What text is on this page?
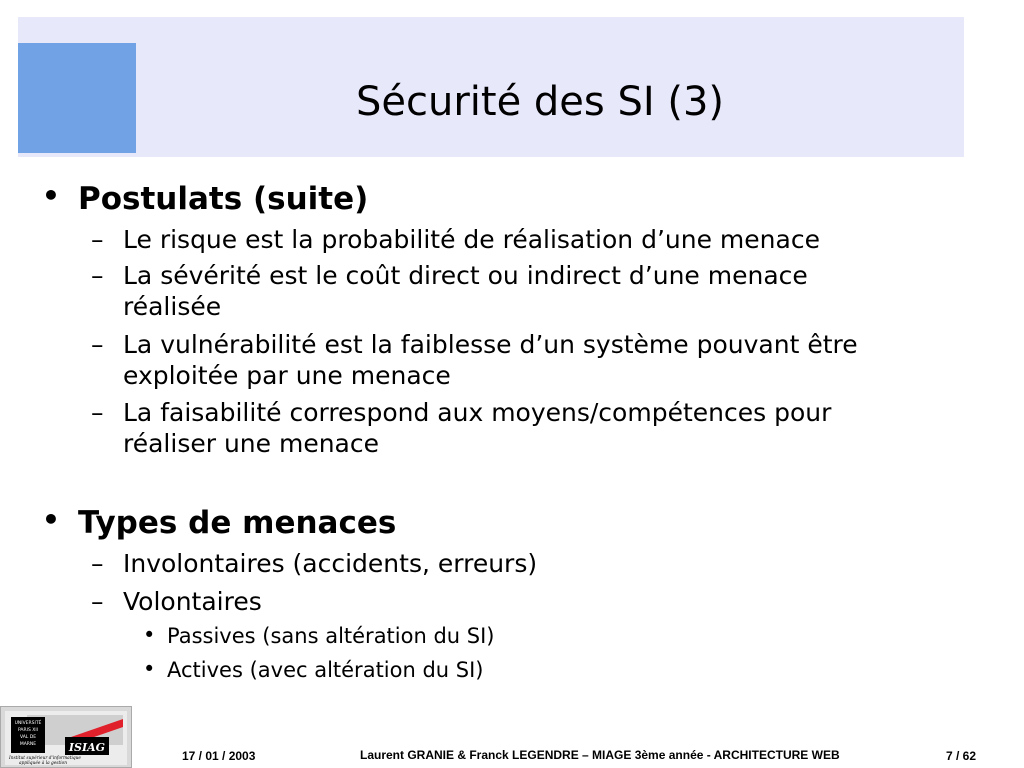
Sécurité des SI (3)
• Postulats (suite)
– Le risque est la probabilité de réalisation d’une menace
– La sévérité est le coût direct ou indirect d’une menace
réalisée
– La vulnérabilité est la faiblesse d’un système pouvant être
exploitée par une menace
– La faisabilité correspond aux moyens/compétences pour
réaliser une menace
• Types de menaces
– Involontaires (accidents, erreurs)
– Volontaires
• Passives (sans altération du SI)
• Actives (avec altération du SI)
UNIVERSITÉ
PARIS XII
VAL DE
MARNE	ISIAG
Institut supérieur d'informatique
appliquée à la gestion
17 / 01 / 2003	Laurent GRANIE & Franck LEGENDRE – MIAGE 3ème année - ARCHITECTURE WEB	7 / 62
